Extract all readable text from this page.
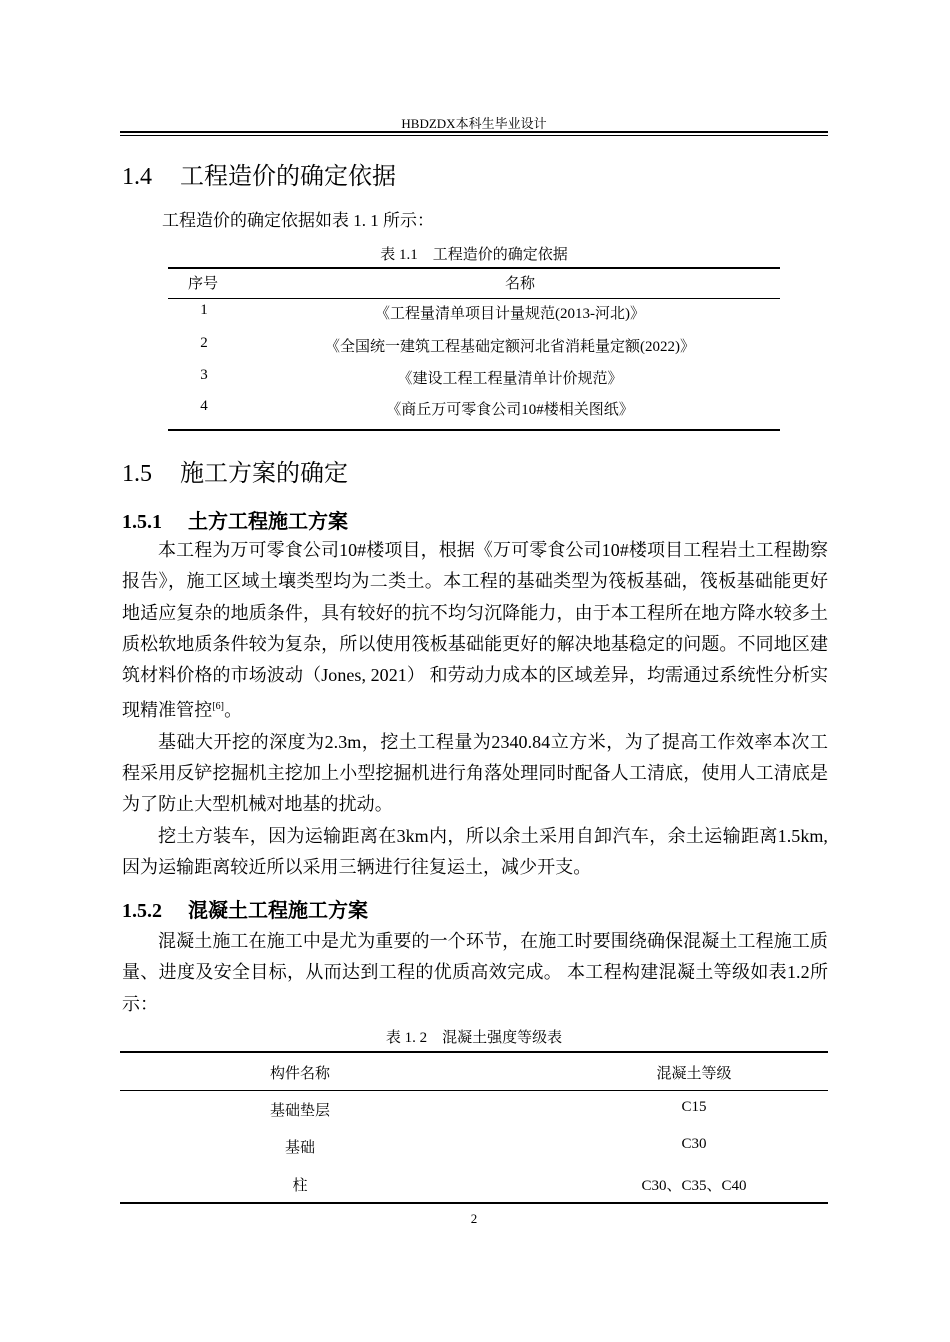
HBDZDX本科生毕业设计
1.4 工程造价的确定依据
工程造价的确定依据如表 1. 1 所示：
表 1.1　工程造价的确定依据
序号	名称
1	《工程量清单项目计量规范(2013-河北)》
2	《全国统一建筑工程基础定额河北省消耗量定额(2022)》
3	《建设工程工程量清单计价规范》
4	《商丘万可零食公司10#楼相关图纸》
1.5 施工方案的确定
1.5.1 土方工程施工方案

本工程为万可零食公司10#楼项目，根据《万可零食公司10#楼项目工程岩土工程勘察报告》，施工区域土壤类型均为二类土。本工程的基础类型为筏板基础，筏板基础能更好地适应复杂的地质条件，具有较好的抗不均匀沉降能力，由于本工程所在地方降水较多土质松软地质条件较为复杂，所以使用筏板基础能更好的解决地基稳定的问题。不同地区建筑材料价格的市场波动（Jones, 2021） 和劳动力成本的区域差异，均需通过系统性分析实现精准管控[6]。

基础大开挖的深度为2.3m，挖土工程量为2340.84立方米，为了提高工作效率本次工程采用反铲挖掘机主挖加上小型挖掘机进行角落处理同时配备人工清底，使用人工清底是为了防止大型机械对地基的扰动。

挖土方装车，因为运输距离在3km内，所以余土采用自卸汽车，余土运输距离1.5km,因为运输距离较近所以采用三辆进行往复运土，减少开支。

1.5.2 混凝土工程施工方案

混凝土施工在施工中是尤为重要的一个环节，在施工时要围绕确保混凝土工程施工质量、进度及安全目标，从而达到工程的优质高效完成。 本工程构建混凝土等级如表1.2所示：

表 1. 2　混凝土强度等级表
构件名称	混凝土等级
基础垫层	C15
基础	C30
柱	C30、C35、C40
2
